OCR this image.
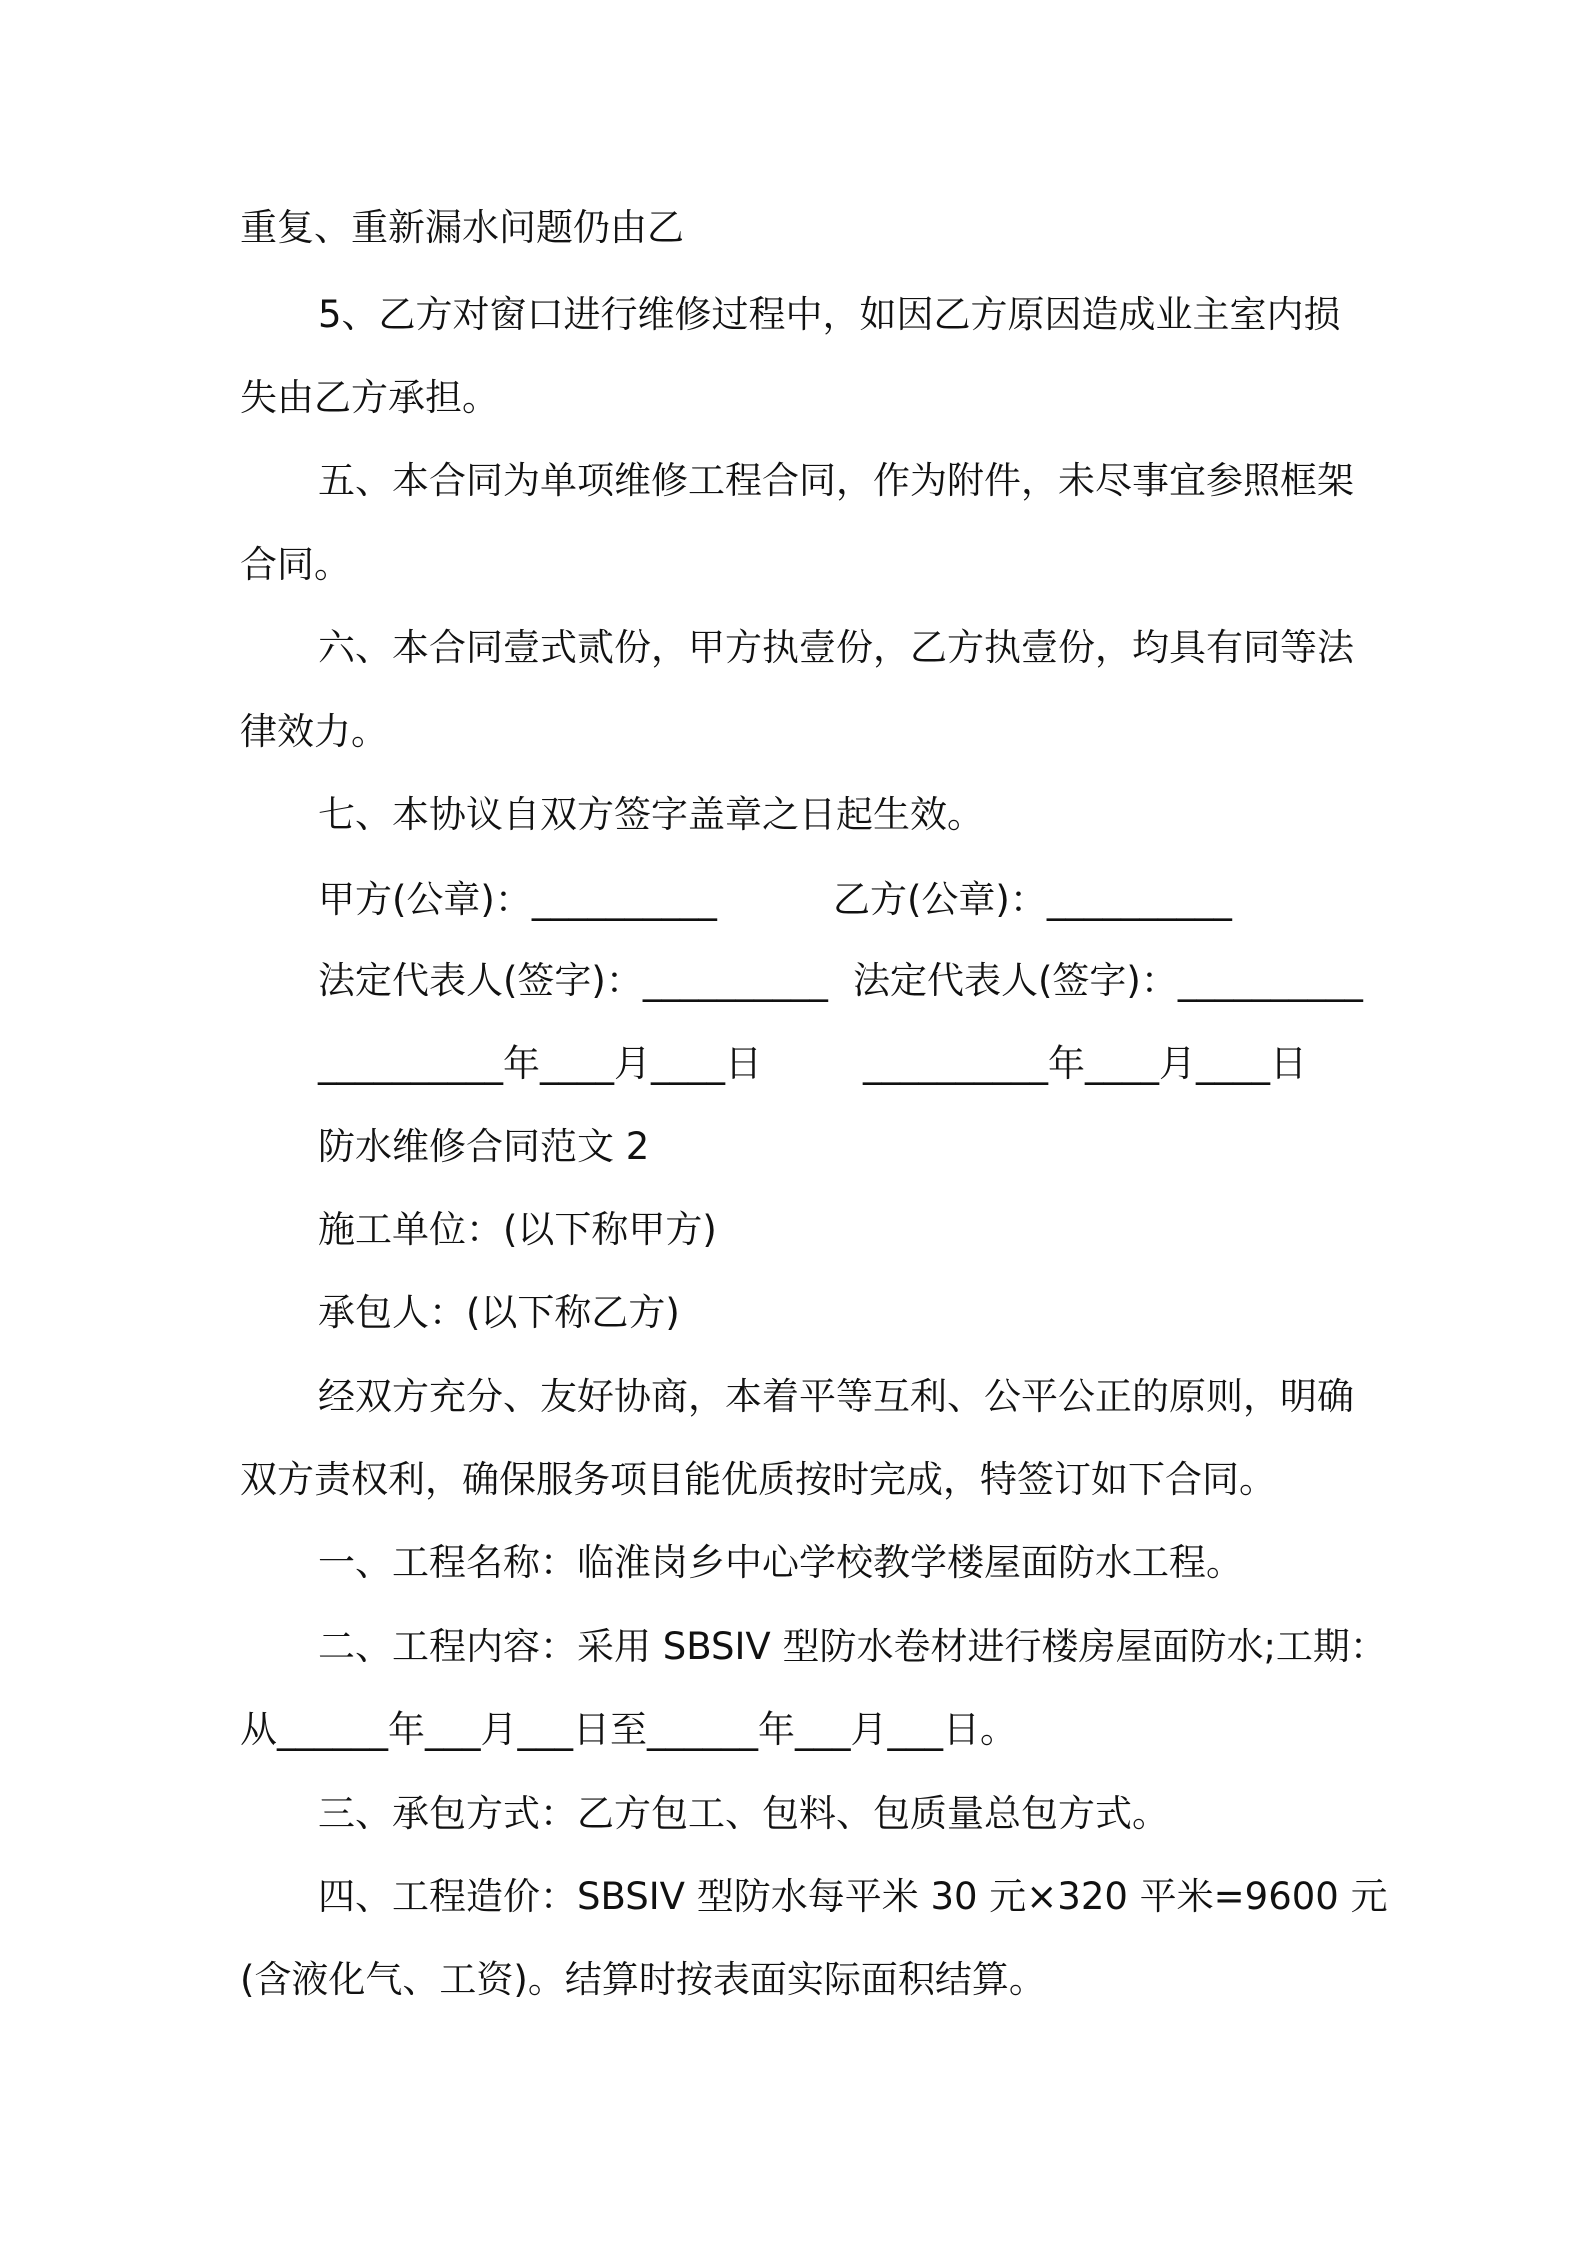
重复、重新漏水问题仍由乙
5、乙方对窗口进行维修过程中，如因乙方原因造成业主室内损
失由乙方承担。
五、本合同为单项维修工程合同，作为附件，未尽事宜参照框架
合同。
六、本合同壹式贰份，甲方执壹份，乙方执壹份，均具有同等法
律效力。
七、本协议自双方签字盖章之日起生效。
甲方(公章)：__________	乙方(公章)：__________
法定代表人(签字)：__________ 法定代表人(签字)：__________
__________年____月____日	__________年____月____日
防水维修合同范文 2
施工单位：(以下称甲方)
承包人：(以下称乙方)
经双方充分、友好协商，本着平等互利、公平公正的原则，明确
双方责权利，确保服务项目能优质按时完成，特签订如下合同。
一、工程名称：临淮岗乡中心学校教学楼屋面防水工程。
二、工程内容：采用 SBSIV 型防水卷材进行楼房屋面防水;工期：
从______年___月___日至______年___月___日。
三、承包方式：乙方包工、包料、包质量总包方式。
四、工程造价：SBSIV 型防水每平米 30 元×320 平米=9600 元
(含液化气、工资)。结算时按表面实际面积结算。
